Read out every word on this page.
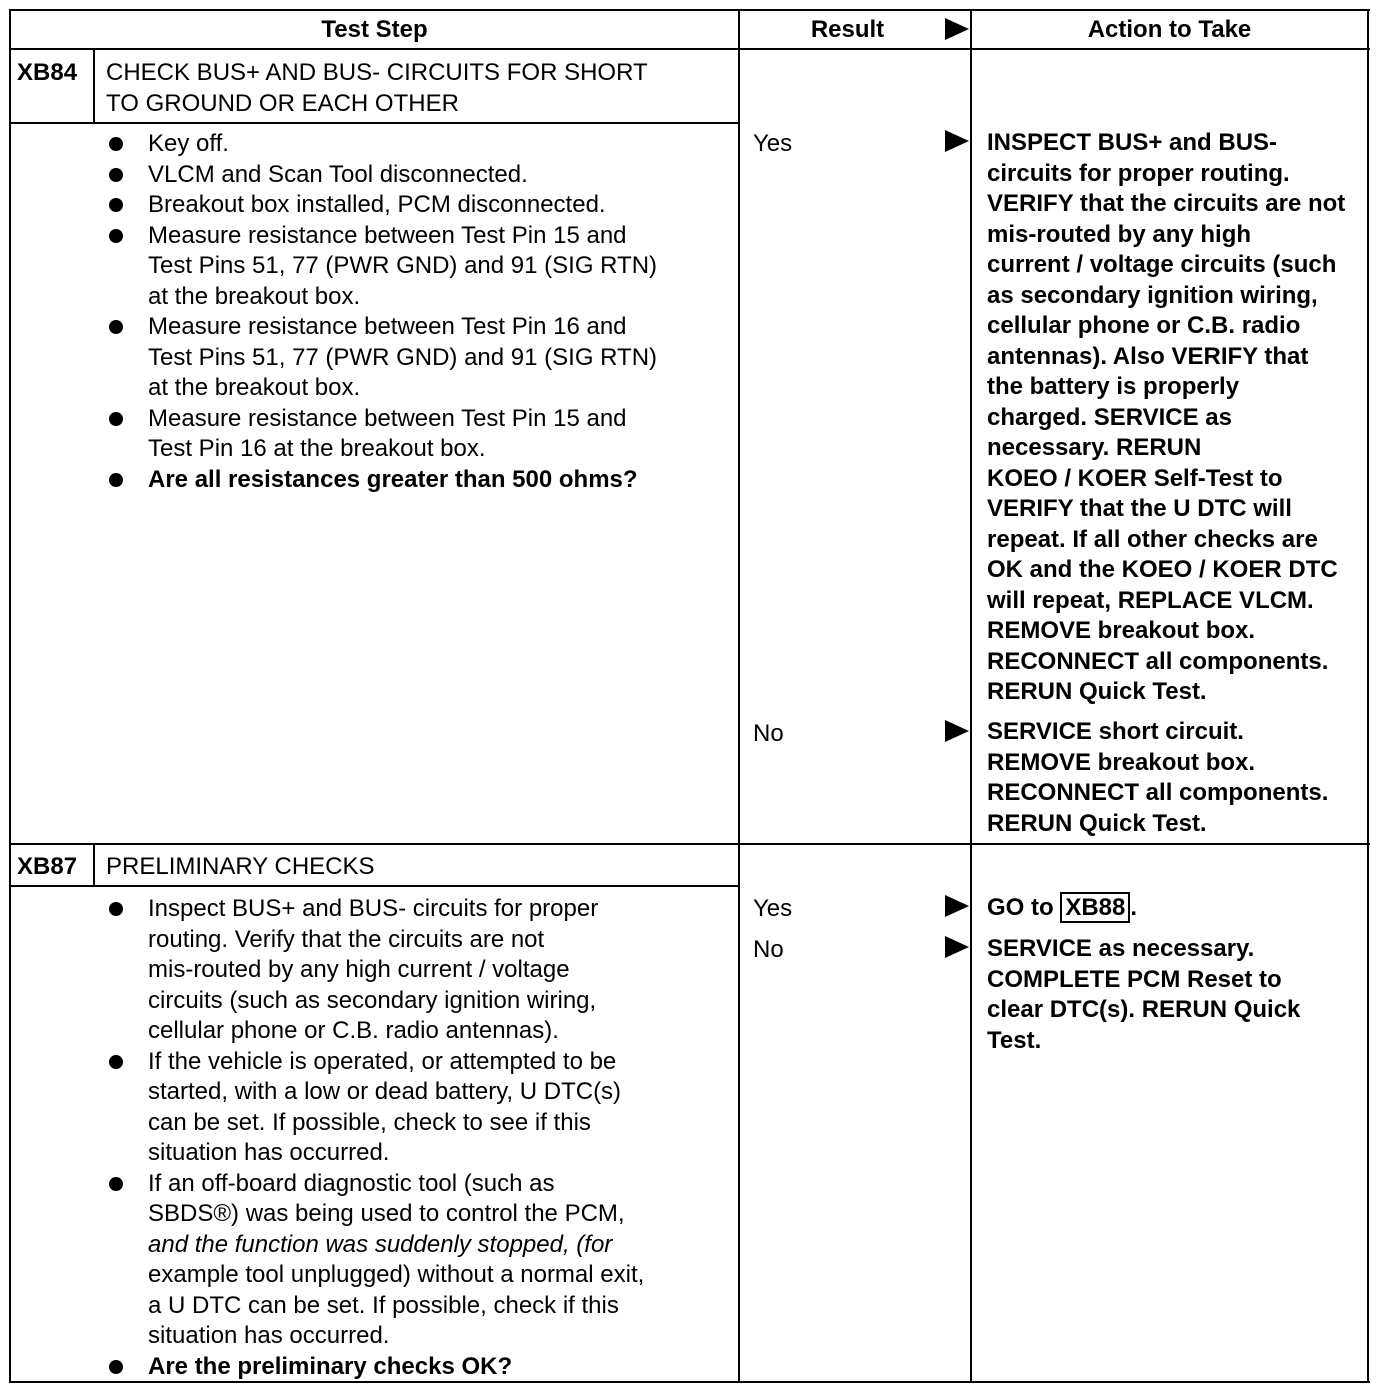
Test Step	Result	Action to Take
XB84 CHECK BUS+ AND BUS- CIRCUITS FOR SHORT
TO GROUND OR EACH OTHER
Key off.
VLCM and Scan Tool disconnected.
Breakout box installed, PCM disconnected.
Measure resistance between Test Pin 15 and
Test Pins 51, 77 (PWR GND) and 91 (SIG RTN)
at the breakout box.
Measure resistance between Test Pin 16 and
Test Pins 51, 77 (PWR GND) and 91 (SIG RTN)
at the breakout box.
Measure resistance between Test Pin 15 and
Test Pin 16 at the breakout box.
Are all resistances greater than 500 ohms?
Yes	INSPECT BUS+ and BUS-
circuits for proper routing.
VERIFY that the circuits are not
mis-routed by any high
current / voltage circuits (such
as secondary ignition wiring,
cellular phone or C.B. radio
antennas). Also VERIFY that
the battery is properly
charged. SERVICE as
necessary. RERUN
KOEO / KOER Self-Test to
VERIFY that the U DTC will
repeat. If all other checks are
OK and the KOEO / KOER DTC
will repeat, REPLACE VLCM.
REMOVE breakout box.
RECONNECT all components.
RERUN Quick Test.
No	SERVICE short circuit.
REMOVE breakout box.
RECONNECT all components.
RERUN Quick Test.
XB87 PRELIMINARY CHECKS
Inspect BUS+ and BUS- circuits for proper
routing. Verify that the circuits are not
mis-routed by any high current / voltage
circuits (such as secondary ignition wiring,
cellular phone or C.B. radio antennas).
If the vehicle is operated, or attempted to be
started, with a low or dead battery, U DTC(s)
can be set. If possible, check to see if this
situation has occurred.
If an off-board diagnostic tool (such as
SBDS®) was being used to control the PCM,
and the function was suddenly stopped, (for
example tool unplugged) without a normal exit,
a U DTC can be set. If possible, check if this
situation has occurred.
Are the preliminary checks OK?
Yes	GO to XB88 .
No	SERVICE as necessary.
COMPLETE PCM Reset to
clear DTC(s). RERUN Quick
Test.
